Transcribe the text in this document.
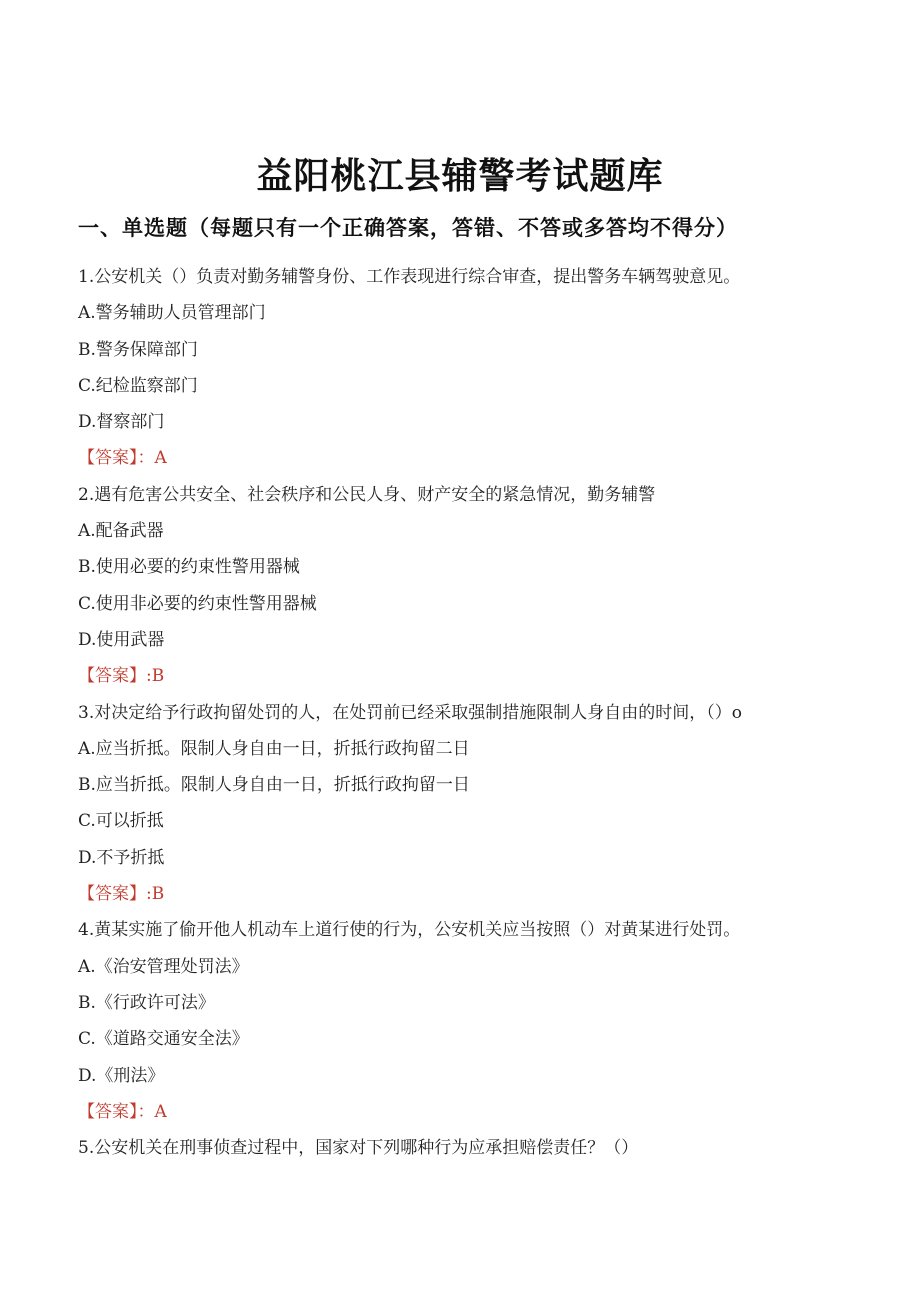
益阳桃江县辅警考试题库
一、单选题（每题只有一个正确答案，答错、不答或多答均不得分）
1.公安机关（）负责对勤务辅警身份、工作表现进行综合审查，提出警务车辆驾驶意见。
A.警务辅助人员管理部门
B.警务保障部门
C.纪检监察部门
D.督察部门
【答案】：A
2.遇有危害公共安全、社会秩序和公民人身、财产安全的紧急情况，勤务辅警
A.配备武器
B.使用必要的约束性警用器械
C.使用非必要的约束性警用器械
D.使用武器
【答案】:B
3.对决定给予行政拘留处罚的人，在处罚前已经采取强制措施限制人身自由的时间，（）o
A.应当折抵。限制人身自由一日，折抵行政拘留二日
B.应当折抵。限制人身自由一日，折抵行政拘留一日
C.可以折抵
D.不予折抵
【答案】:B
4.黄某实施了偷开他人机动车上道行使的行为，公安机关应当按照（）对黄某进行处罚。
A.《治安管理处罚法》
B.《行政许可法》
C.《道路交通安全法》
D.《刑法》
【答案】：A
5.公安机关在刑事侦查过程中，国家对下列哪种行为应承担赔偿责任？（）
